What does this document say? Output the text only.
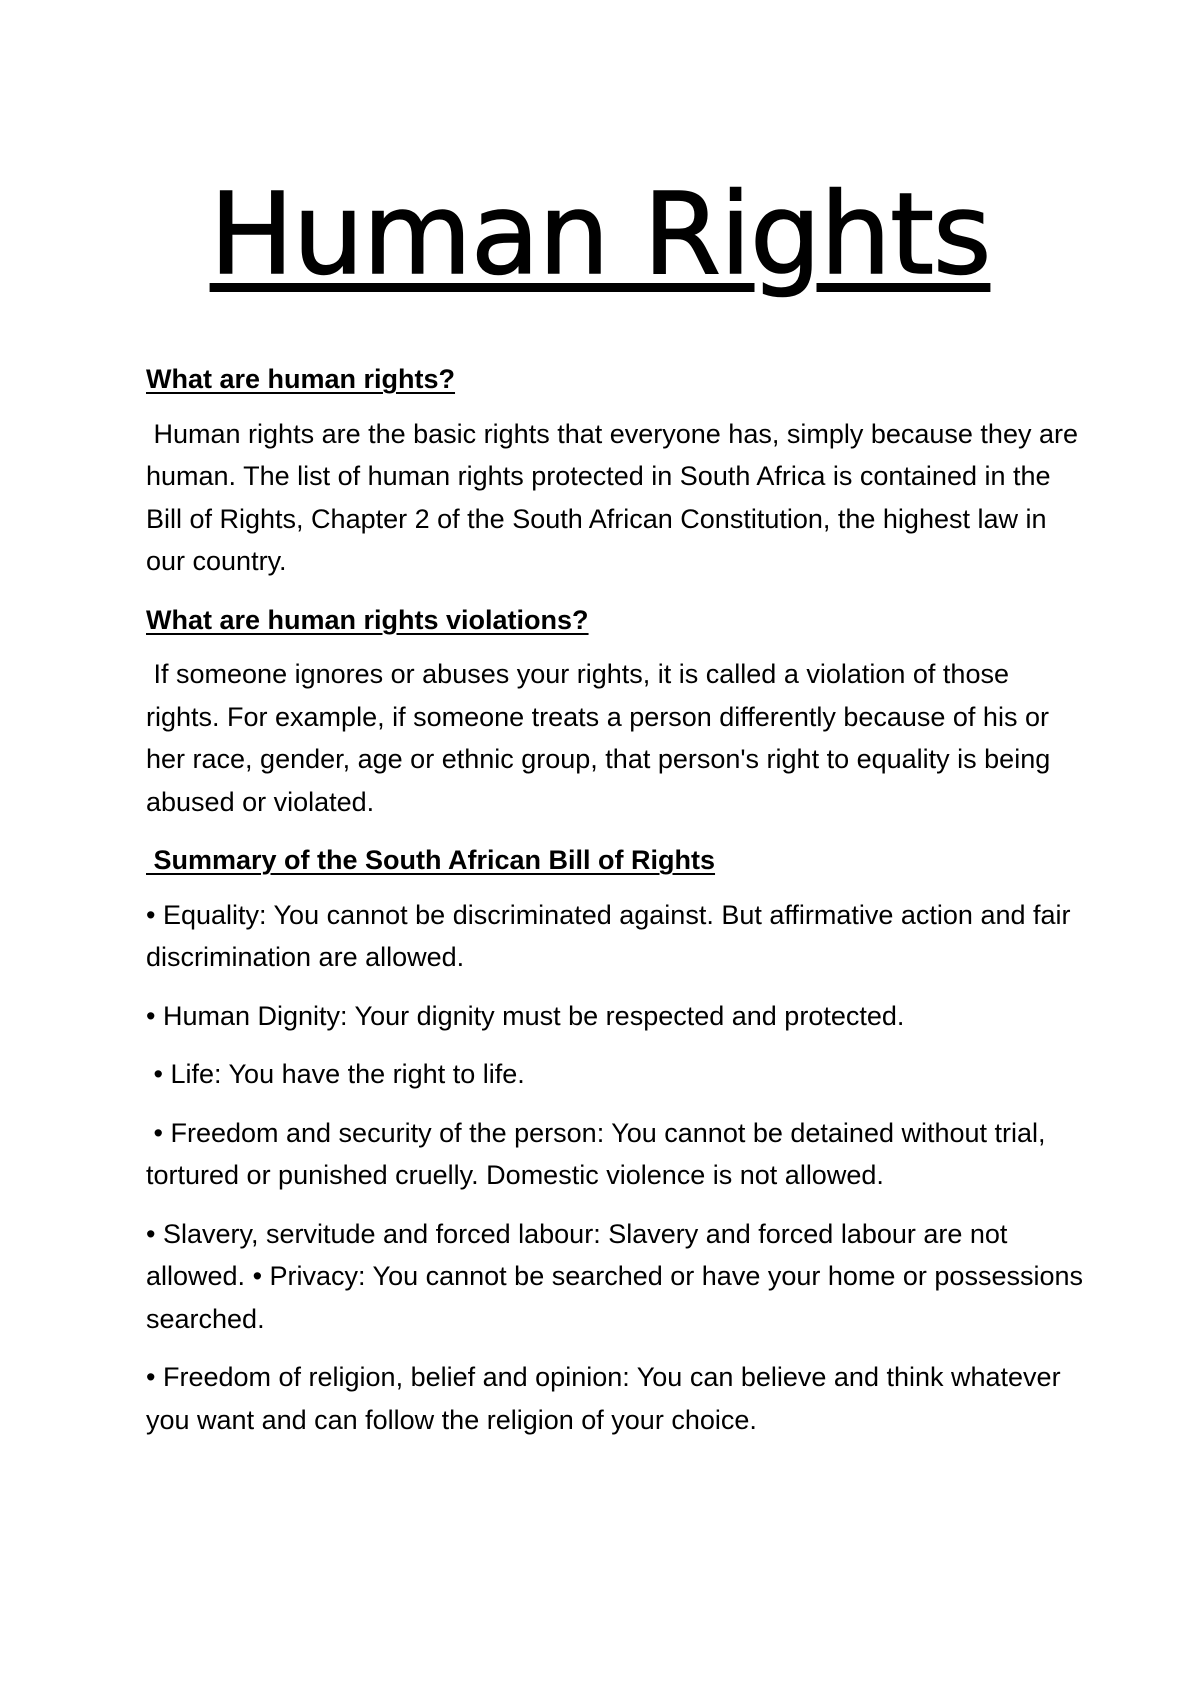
Human Rights
What are human rights?
Human rights are the basic rights that everyone has, simply because they are human. The list of human rights protected in South Africa is contained in the Bill of Rights, Chapter 2 of the South African Constitution, the highest law in our country.
What are human rights violations?
If someone ignores or abuses your rights, it is called a violation of those rights. For example, if someone treats a person differently because of his or her race, gender, age or ethnic group, that person's right to equality is being abused or violated.
Summary of the South African Bill of Rights
• Equality: You cannot be discriminated against. But affirmative action and fair discrimination are allowed.
• Human Dignity: Your dignity must be respected and protected.
• Life: You have the right to life.
• Freedom and security of the person: You cannot be detained without trial, tortured or punished cruelly. Domestic violence is not allowed.
• Slavery, servitude and forced labour: Slavery and forced labour are not allowed. • Privacy: You cannot be searched or have your home or possessions searched.
• Freedom of religion, belief and opinion: You can believe and think whatever you want and can follow the religion of your choice.
